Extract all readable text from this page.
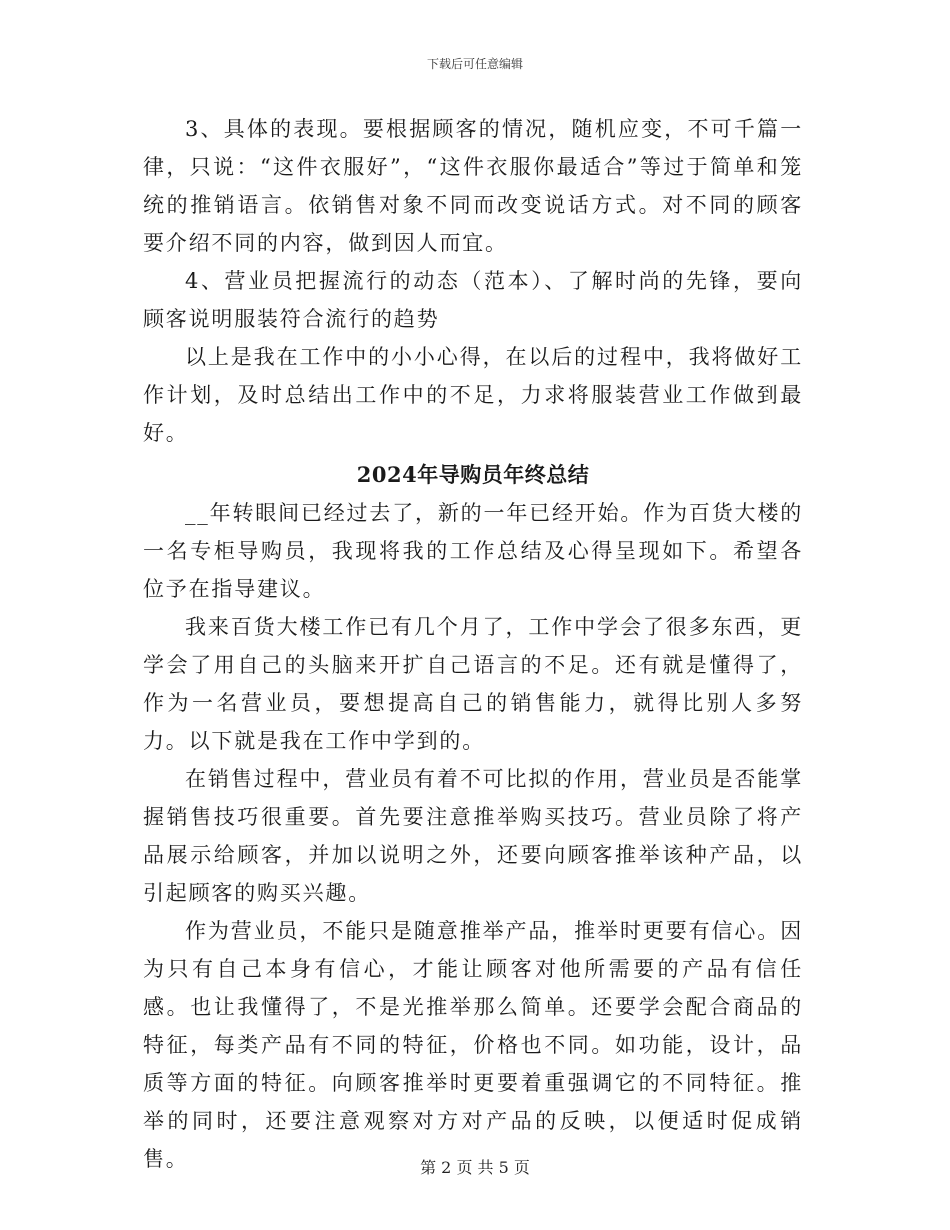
下载后可任意编辑

3、具体的表现。要根据顾客的情况，随机应变，不可千篇一律，只说：“这件衣服好”，“这件衣服你最适合”等过于简单和笼统的推销语言。依销售对象不同而改变说话方式。对不同的顾客要介绍不同的内容，做到因人而宜。

4、营业员把握流行的动态（范本）、了解时尚的先锋，要向顾客说明服装符合流行的趋势

以上是我在工作中的小小心得，在以后的过程中，我将做好工作计划，及时总结出工作中的不足，力求将服装营业工作做到最好。

2024年导购员年终总结

__年转眼间已经过去了，新的一年已经开始。作为百货大楼的一名专柜导购员，我现将我的工作总结及心得呈现如下。希望各位予在指导建议。

我来百货大楼工作已有几个月了，工作中学会了很多东西，更学会了用自己的头脑来开扩自己语言的不足。还有就是懂得了，作为一名营业员，要想提高自己的销售能力，就得比别人多努力。以下就是我在工作中学到的。

在销售过程中，营业员有着不可比拟的作用，营业员是否能掌握销售技巧很重要。首先要注意推举购买技巧。营业员除了将产品展示给顾客，并加以说明之外，还要向顾客推举该种产品，以引起顾客的购买兴趣。

作为营业员，不能只是随意推举产品，推举时更要有信心。因为只有自己本身有信心，才能让顾客对他所需要的产品有信任感。也让我懂得了，不是光推举那么简单。还要学会配合商品的特征，每类产品有不同的特征，价格也不同。如功能，设计，品质等方面的特征。向顾客推举时更要着重强调它的不同特征。推举的同时，还要注意观察对方对产品的反映，以便适时促成销售。	第 2 页 共 5 页
